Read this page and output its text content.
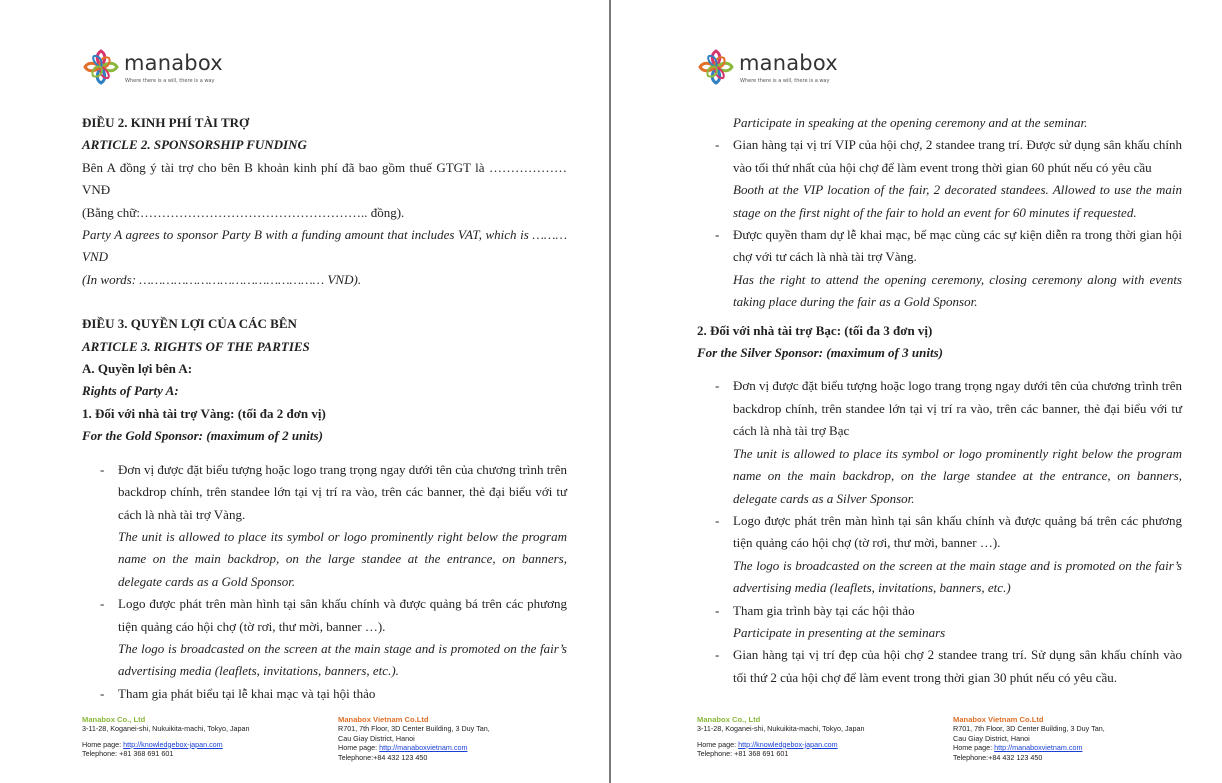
manabox
Where there is a will, there is a way
ĐIỀU 2. KINH PHÍ TÀI TRỢ
ARTICLE 2. SPONSORSHIP FUNDING
Bên A đồng ý tài trợ cho bên B khoản kinh phí đã bao gồm thuế GTGT là ………………VNĐ
(Bằng chữ:…………………………………………….. đồng).
Party A agrees to sponsor Party B with a funding amount that includes VAT, which is ………VND
(In words: ………………………………………… VND).
ĐIỀU 3. QUYỀN LỢI CỦA CÁC BÊN
ARTICLE 3. RIGHTS OF THE PARTIES
A. Quyền lợi bên A:
Rights of Party A:
1. Đối với nhà tài trợ Vàng: (tối đa 2 đơn vị)
For the Gold Sponsor: (maximum of 2 units)
- Đơn vị được đặt biểu tượng hoặc logo trang trọng ngay dưới tên của chương trình trên backdrop chính, trên standee lớn tại vị trí ra vào, trên các banner, thẻ đại biểu với tư cách là nhà tài trợ Vàng.
The unit is allowed to place its symbol or logo prominently right below the program name on the main backdrop, on the large standee at the entrance, on banners, delegate cards as a Gold Sponsor.
- Logo được phát trên màn hình tại sân khấu chính và được quảng bá trên các phương tiện quảng cáo hội chợ (tờ rơi, thư mời, banner …).
The logo is broadcasted on the screen at the main stage and is promoted on the fair’s advertising media (leaflets, invitations, banners, etc.).
- Tham gia phát biểu tại lễ khai mạc và tại hội thảo
Manabox Co., Ltd
3-11-28, Koganei-shi, Nukuikita-machi, Tokyo, Japan
Home page: http://knowledgebox-japan.com
Telephone: +81 368 691 601
Manabox Vietnam Co.Ltd
R701, 7th Floor, 3D Center Building, 3 Duy Tan,
Cau Giay District, Hanoi
Home page: http://manaboxvietnam.com
Telephone:+84 432 123 450
manabox
Where there is a will, there is a way
Participate in speaking at the opening ceremony and at the seminar.
- Gian hàng tại vị trí VIP của hội chợ, 2 standee trang trí. Được sử dụng sân khấu chính vào tối thứ nhất của hội chợ để làm event trong thời gian 60 phút nếu có yêu cầu
Booth at the VIP location of the fair, 2 decorated standees. Allowed to use the main stage on the first night of the fair to hold an event for 60 minutes if requested.
- Được quyền tham dự lễ khai mạc, bế mạc cùng các sự kiện diễn ra trong thời gian hội chợ với tư cách là nhà tài trợ Vàng.
Has the right to attend the opening ceremony, closing ceremony along with events taking place during the fair as a Gold Sponsor.
2. Đối với nhà tài trợ Bạc: (tối đa 3 đơn vị)
For the Silver Sponsor: (maximum of 3 units)
- Đơn vị được đặt biểu tượng hoặc logo trang trọng ngay dưới tên của chương trình trên backdrop chính, trên standee lớn tại vị trí ra vào, trên các banner, thẻ đại biểu với tư cách là nhà tài trợ Bạc
The unit is allowed to place its symbol or logo prominently right below the program name on the main backdrop, on the large standee at the entrance, on banners, delegate cards as a Silver Sponsor.
- Logo được phát trên màn hình tại sân khấu chính và được quảng bá trên các phương tiện quảng cáo hội chợ (tờ rơi, thư mời, banner …).
The logo is broadcasted on the screen at the main stage and is promoted on the fair’s advertising media (leaflets, invitations, banners, etc.)
- Tham gia trình bày tại các hội thảo
Participate in presenting at the seminars
- Gian hàng tại vị trí đẹp của hội chợ 2 standee trang trí. Sử dụng sân khấu chính vào tối thứ 2 của hội chợ để làm event trong thời gian 30 phút nếu có yêu cầu.
Manabox Co., Ltd
3-11-28, Koganei-shi, Nukuikita-machi, Tokyo, Japan
Home page: http://knowledgebox-japan.com
Telephone: +81 368 691 601
Manabox Vietnam Co.Ltd
R701, 7th Floor, 3D Center Building, 3 Duy Tan,
Cau Giay District, Hanoi
Home page: http://manaboxvietnam.com
Telephone:+84 432 123 450
